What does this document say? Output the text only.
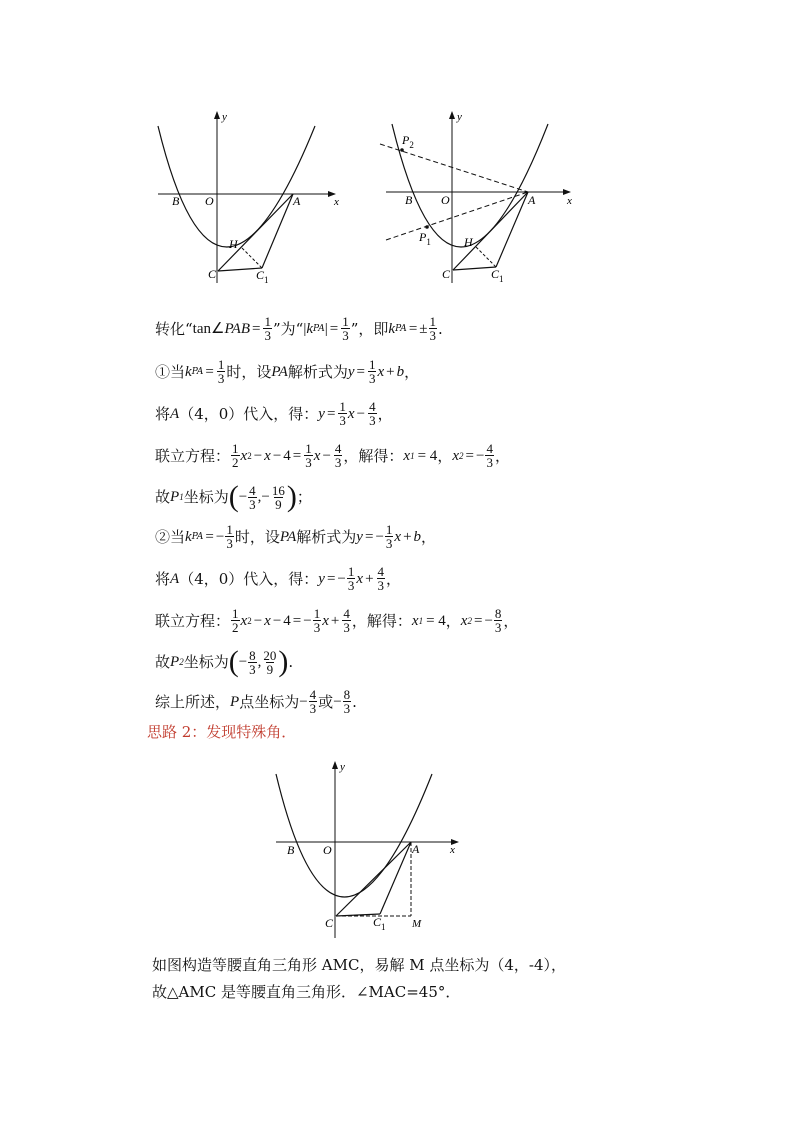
y
x
B O	A
H
C	$C_1$
y
x
$P_2$
B O	A
$P_1$	H
C	$C_1$
转化“ tan∠ PAB = $\frac{1}{3}$ ”为“ | k PA | = $\frac{1}{3}$ ”，即 k PA = ± $\frac{1}{3}$ .
①当 k PA = $\frac{1}{3}$ 时，设 PA 解析式为 $y = \frac{1}{3}$ x + b ，
将 A （4，0）代入，得： $y = \frac{1}{3}$ $x - \frac{4}{3}$ ，
联立方程： $\frac{1}{2}$ x $2 - x - 4 = \frac{1}{3}$ $x - \frac{4}{3}$ ，解得： x 1 = 4 ， x 2 = − $\frac{4}{3}$ ，
故 P 1 坐标为 ( − $\frac{4}{3}$ , − $\frac{16}{9}$ ) ；
②当 k PA = − $\frac{1}{3}$ 时，设 PA 解析式为 y = − $\frac{1}{3}$ x + b ，
将 A （4，0）代入，得： y = − $\frac{1}{3}$ $x + \frac{4}{3}$ ，
联立方程： $\frac{1}{2}$ x 2 − x − 4 = − $\frac{1}{3}$ $x + \frac{4}{3}$ ，解得： x 1 = 4 ， x 2 = − $\frac{8}{3}$ ，
故 P 2 坐标为 ( − $\frac{8}{3}$ , $\frac{20}{9}$ ) .
综上所述， P 点坐标为 − $\frac{4}{3}$ 或 − $\frac{8}{3}$ .
思路 2：发现特殊角．
y
x
B O	A
C	$C_1$ M
如图构造等腰直角三角形 AMC，易解 M 点坐标为（4，-4），
故△AMC 是等腰直角三角形．∠MAC=45°．
